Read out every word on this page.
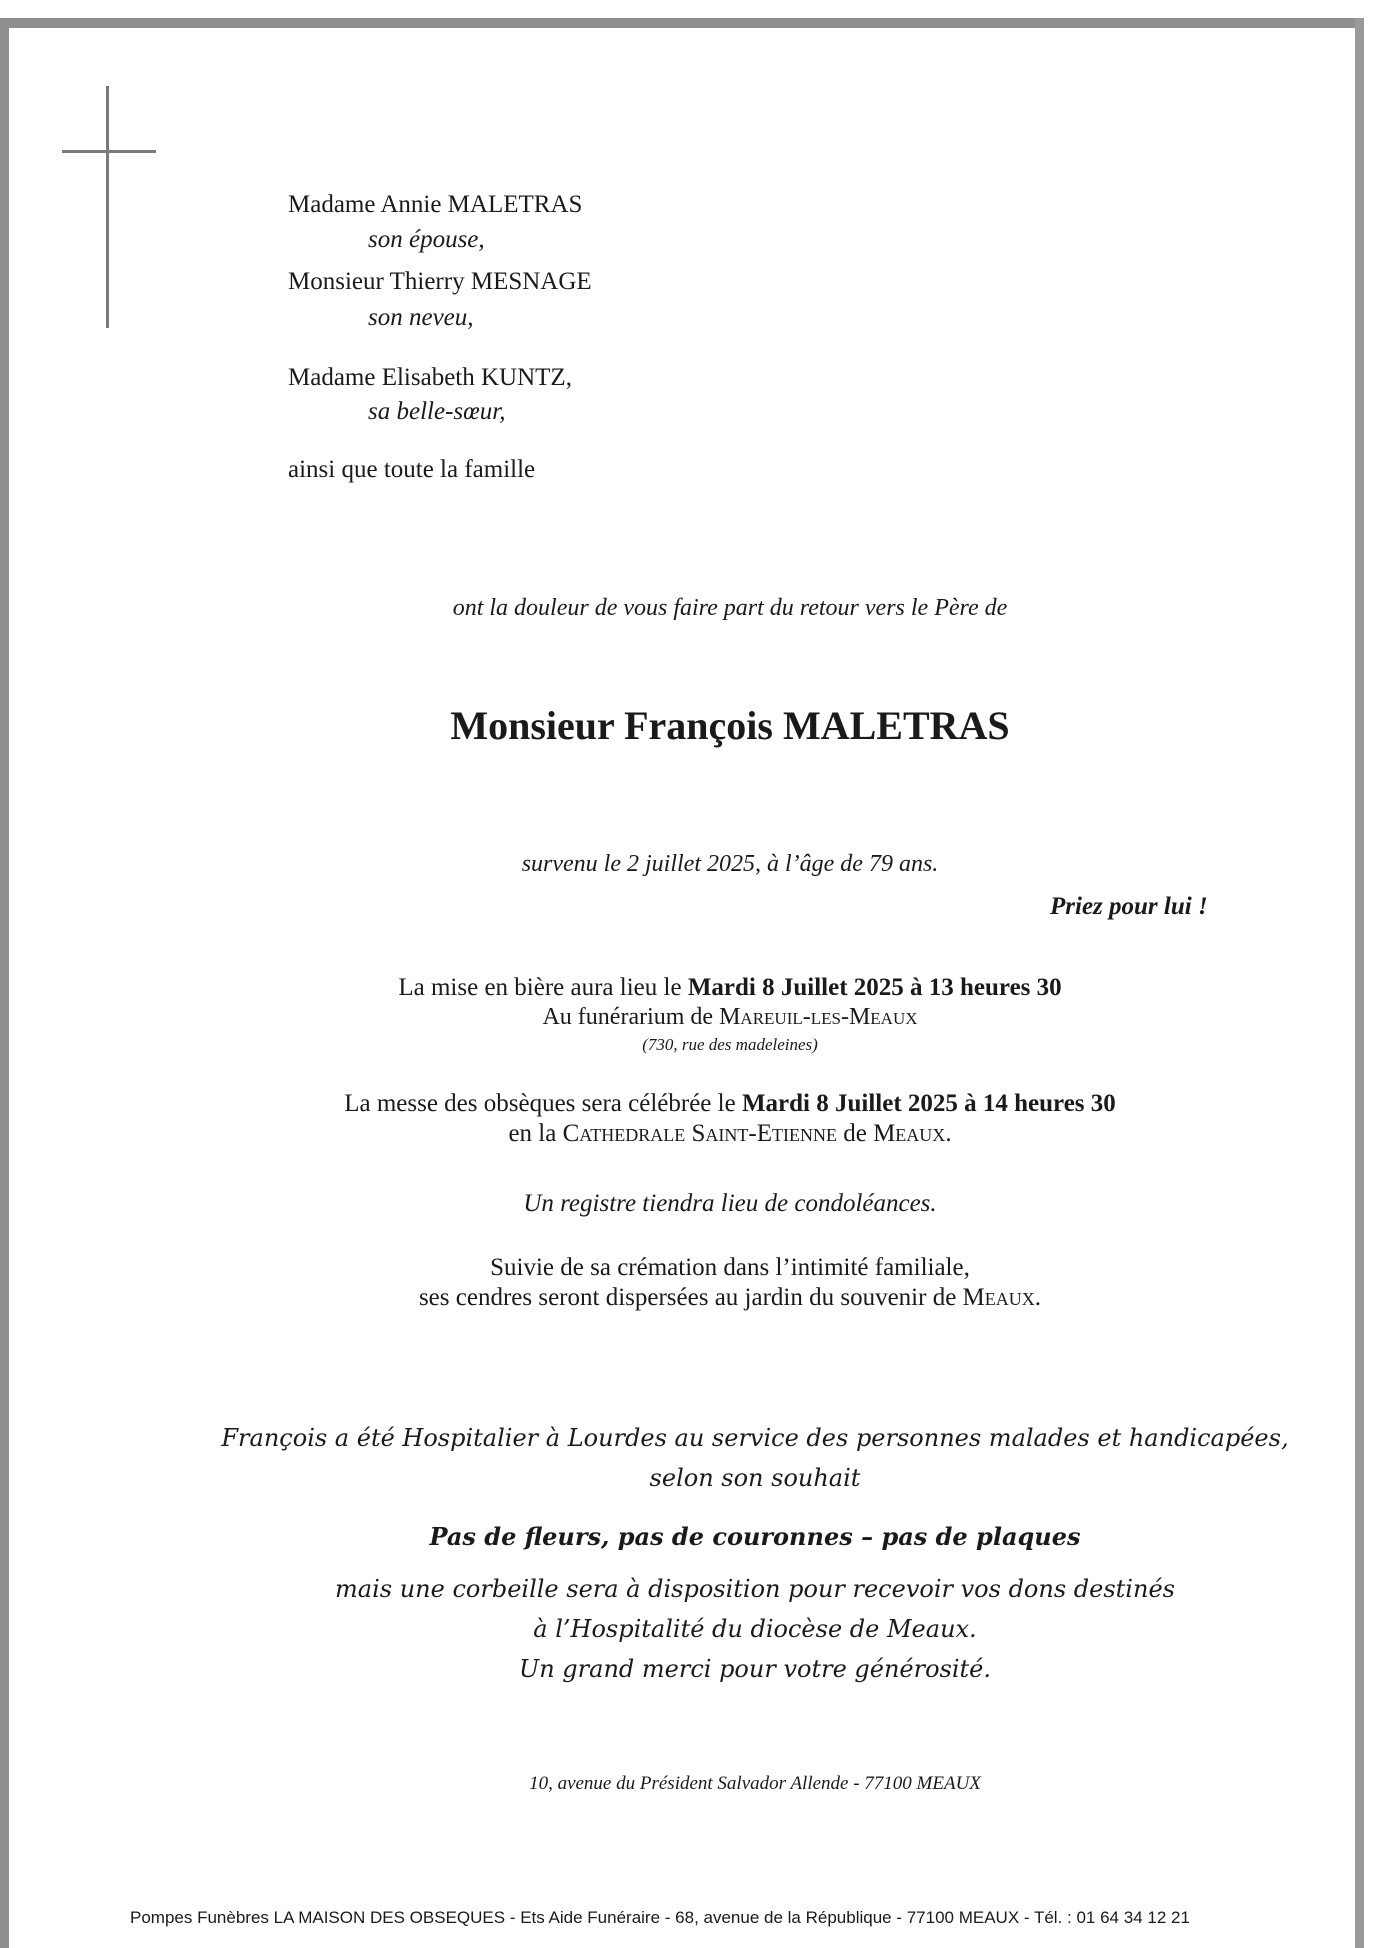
Madame Annie MALETRAS
son épouse,
Monsieur Thierry MESNAGE
son neveu,
Madame Elisabeth KUNTZ,
sa belle-sœur,
ainsi que toute la famille
ont la douleur de vous faire part du retour vers le Père de
Monsieur François MALETRAS
survenu le 2 juillet 2025, à l’âge de 79 ans.
Priez pour lui !
La mise en bière aura lieu le Mardi 8 Juillet 2025 à 13 heures 30
Au funérarium de Mareuil-les-Meaux
(730, rue des madeleines)
La messe des obsèques sera célébrée le Mardi 8 Juillet 2025 à 14 heures 30
en la Cathedrale Saint-Etienne de Meaux.
Un registre tiendra lieu de condoléances.
Suivie de sa crémation dans l’intimité familiale,
ses cendres seront dispersées au jardin du souvenir de Meaux.
François a été Hospitalier à Lourdes au service des personnes malades et handicapées,
selon son souhait
Pas de fleurs, pas de couronnes – pas de plaques
mais une corbeille sera à disposition pour recevoir vos dons destinés
à l’Hospitalité du diocèse de Meaux.
Un grand merci pour votre générosité.
10, avenue du Président Salvador Allende - 77100 MEAUX
Pompes Funèbres LA MAISON DES OBSEQUES - Ets Aide Funéraire - 68, avenue de la République - 77100 MEAUX - Tél. : 01 64 34 12 21
